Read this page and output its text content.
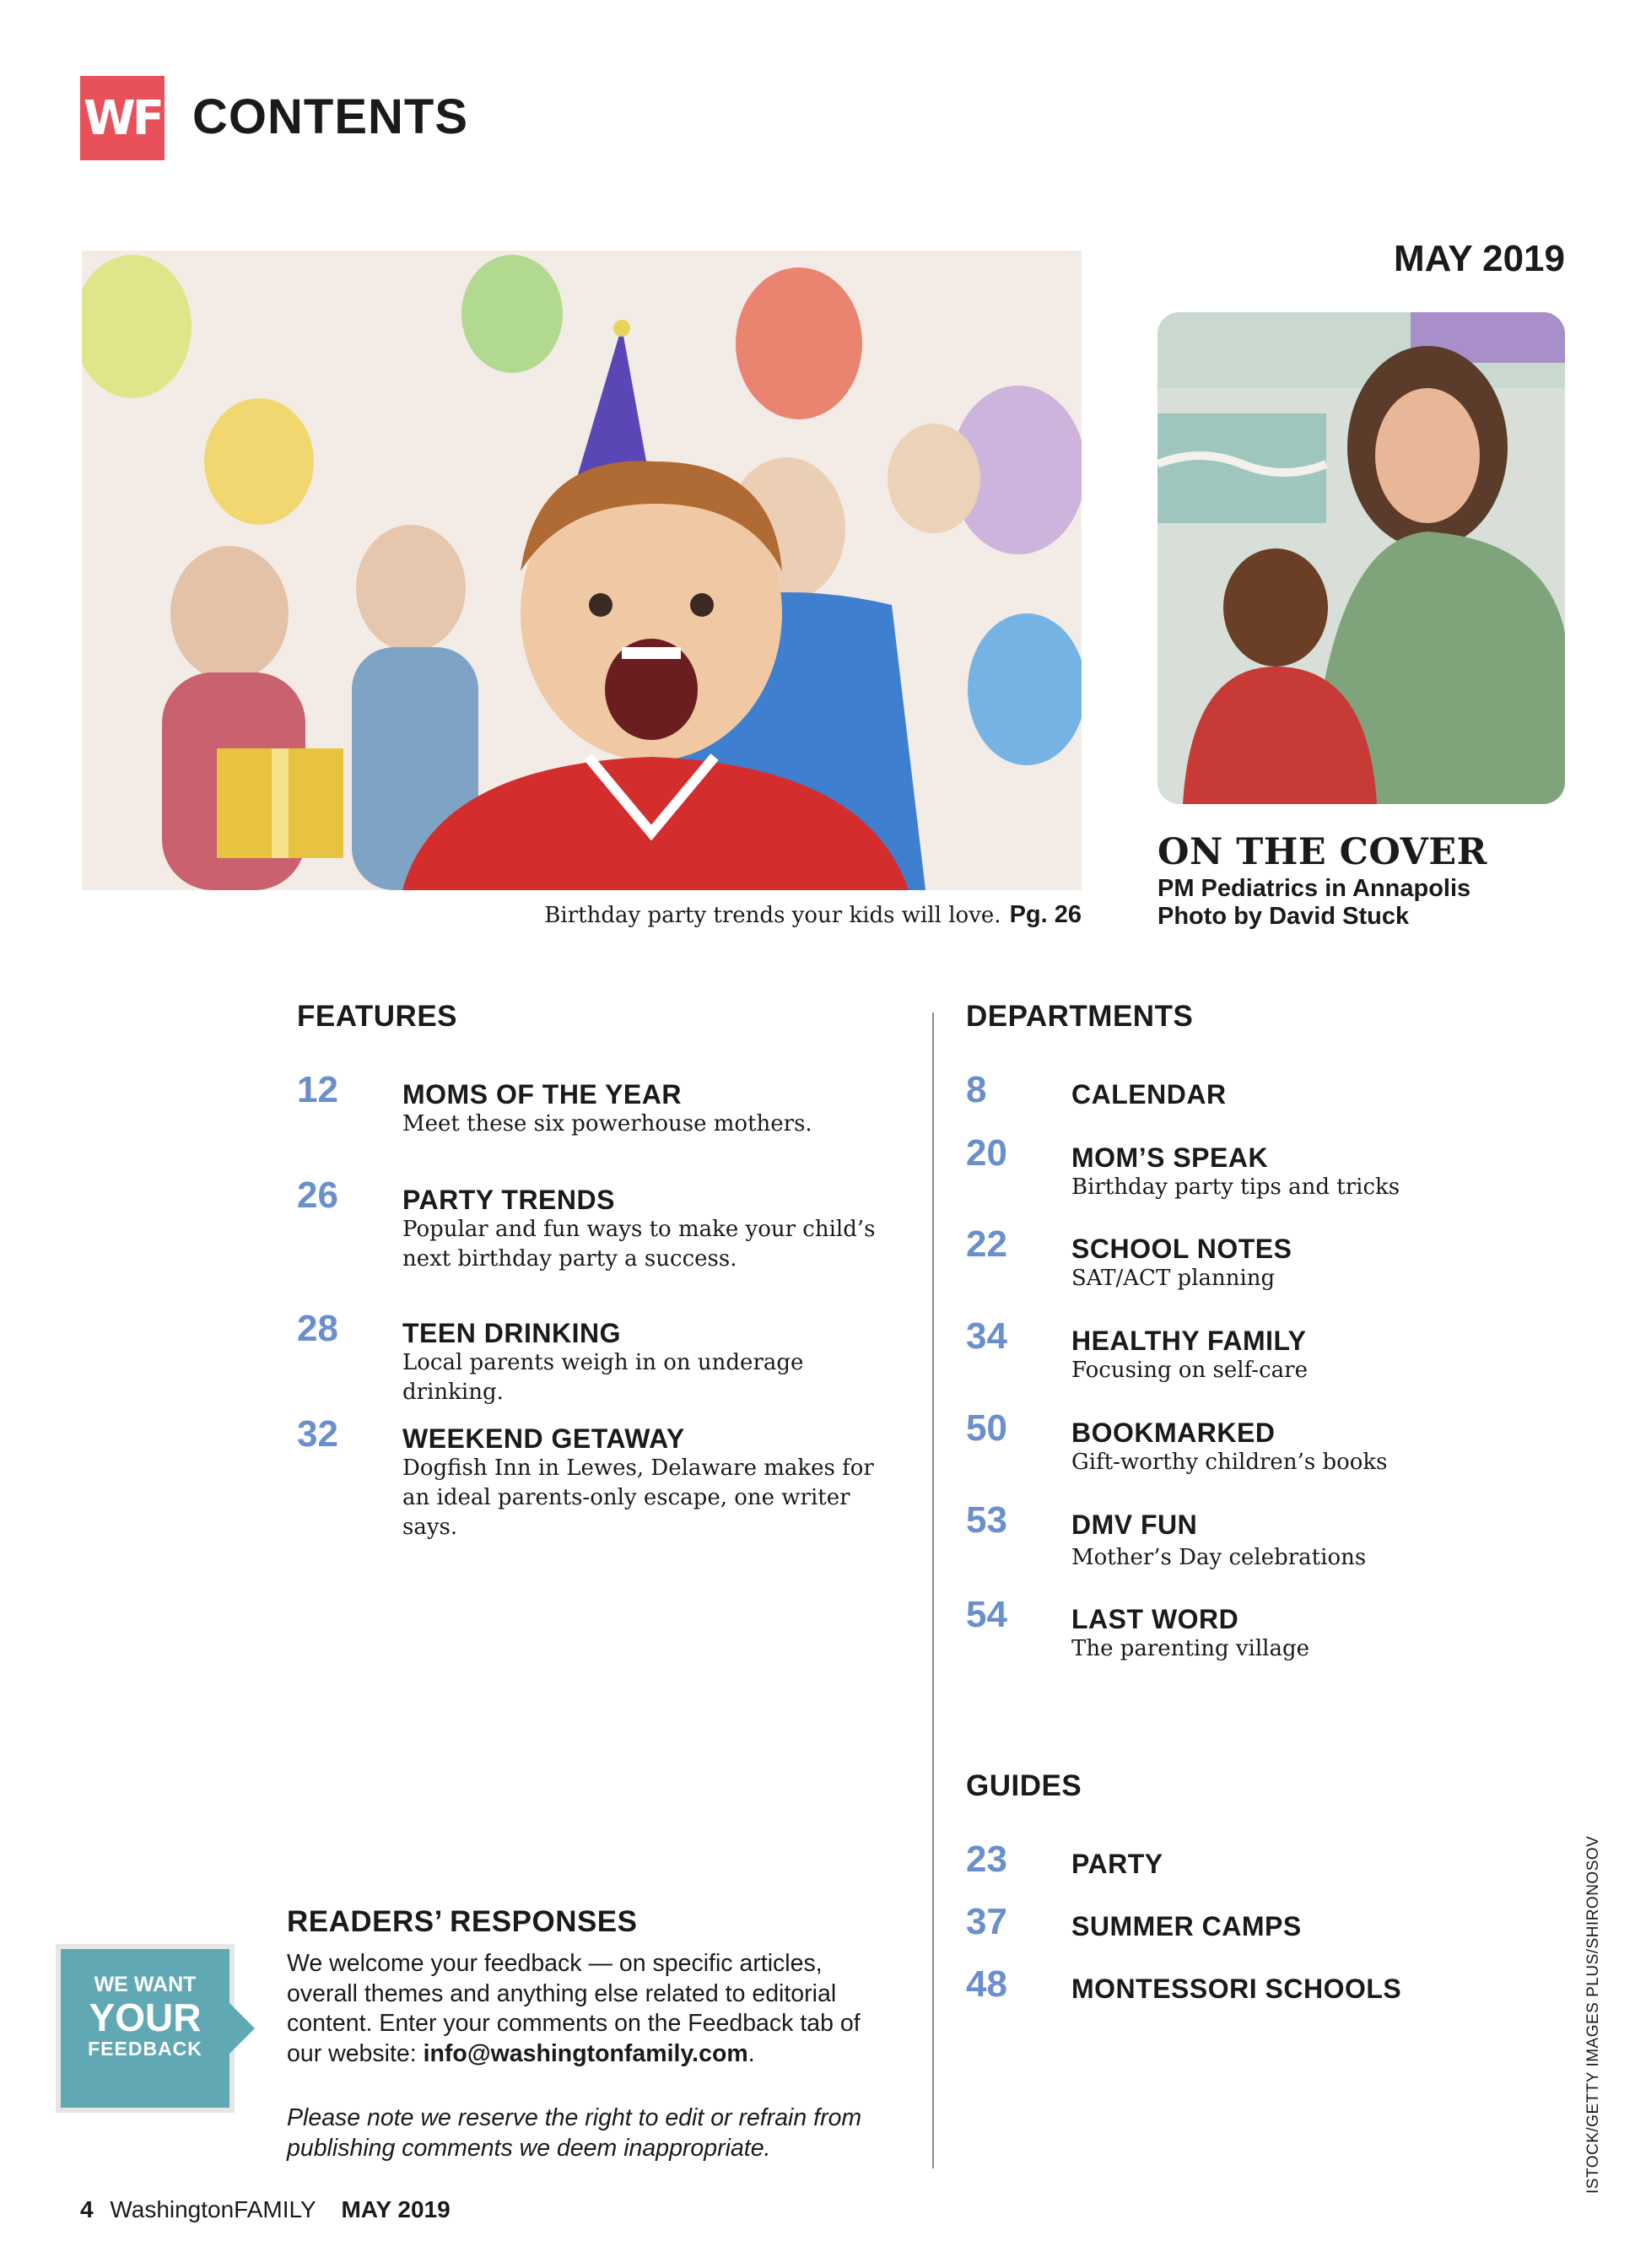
WF CONTENTS
MAY 2019
Birthday party trends your kids will love. Pg. 26
ON THE COVER
PM Pediatrics in Annapolis
Photo by David Stuck
FEATURES
12	MOMS OF THE YEAR
Meet these six powerhouse mothers.
26	PARTY TRENDS
Popular and fun ways to make your child’s next birthday party a success.
28	TEEN DRINKING
Local parents weigh in on underage drinking.
32	WEEKEND GETAWAY
Dogfish Inn in Lewes, Delaware makes for an ideal parents-only escape, one writer says.
DEPARTMENTS
8	CALENDAR
20	MOM’S SPEAK
Birthday party tips and tricks
22	SCHOOL NOTES
SAT/ACT planning
34	HEALTHY FAMILY
Focusing on self-care
50	BOOKMARKED
Gift-worthy children’s books
53	DMV FUN
Mother’s Day celebrations
54	LAST WORD
The parenting village
GUIDES
23	PARTY
37	SUMMER CAMPS
48	MONTESSORI SCHOOLS
READERS’ RESPONSES
WE WANT
YOUR
FEEDBACK
We welcome your feedback — on specific articles, overall themes and anything else related to editorial content. Enter your comments on the Feedback tab of our website: info@washingtonfamily.com.
Please note we reserve the right to edit or refrain from publishing comments we deem inappropriate.
4 WashingtonFAMILY MAY 2019
ISTOCK/GETTY IMAGES PLUS/SHIRONOSOV
